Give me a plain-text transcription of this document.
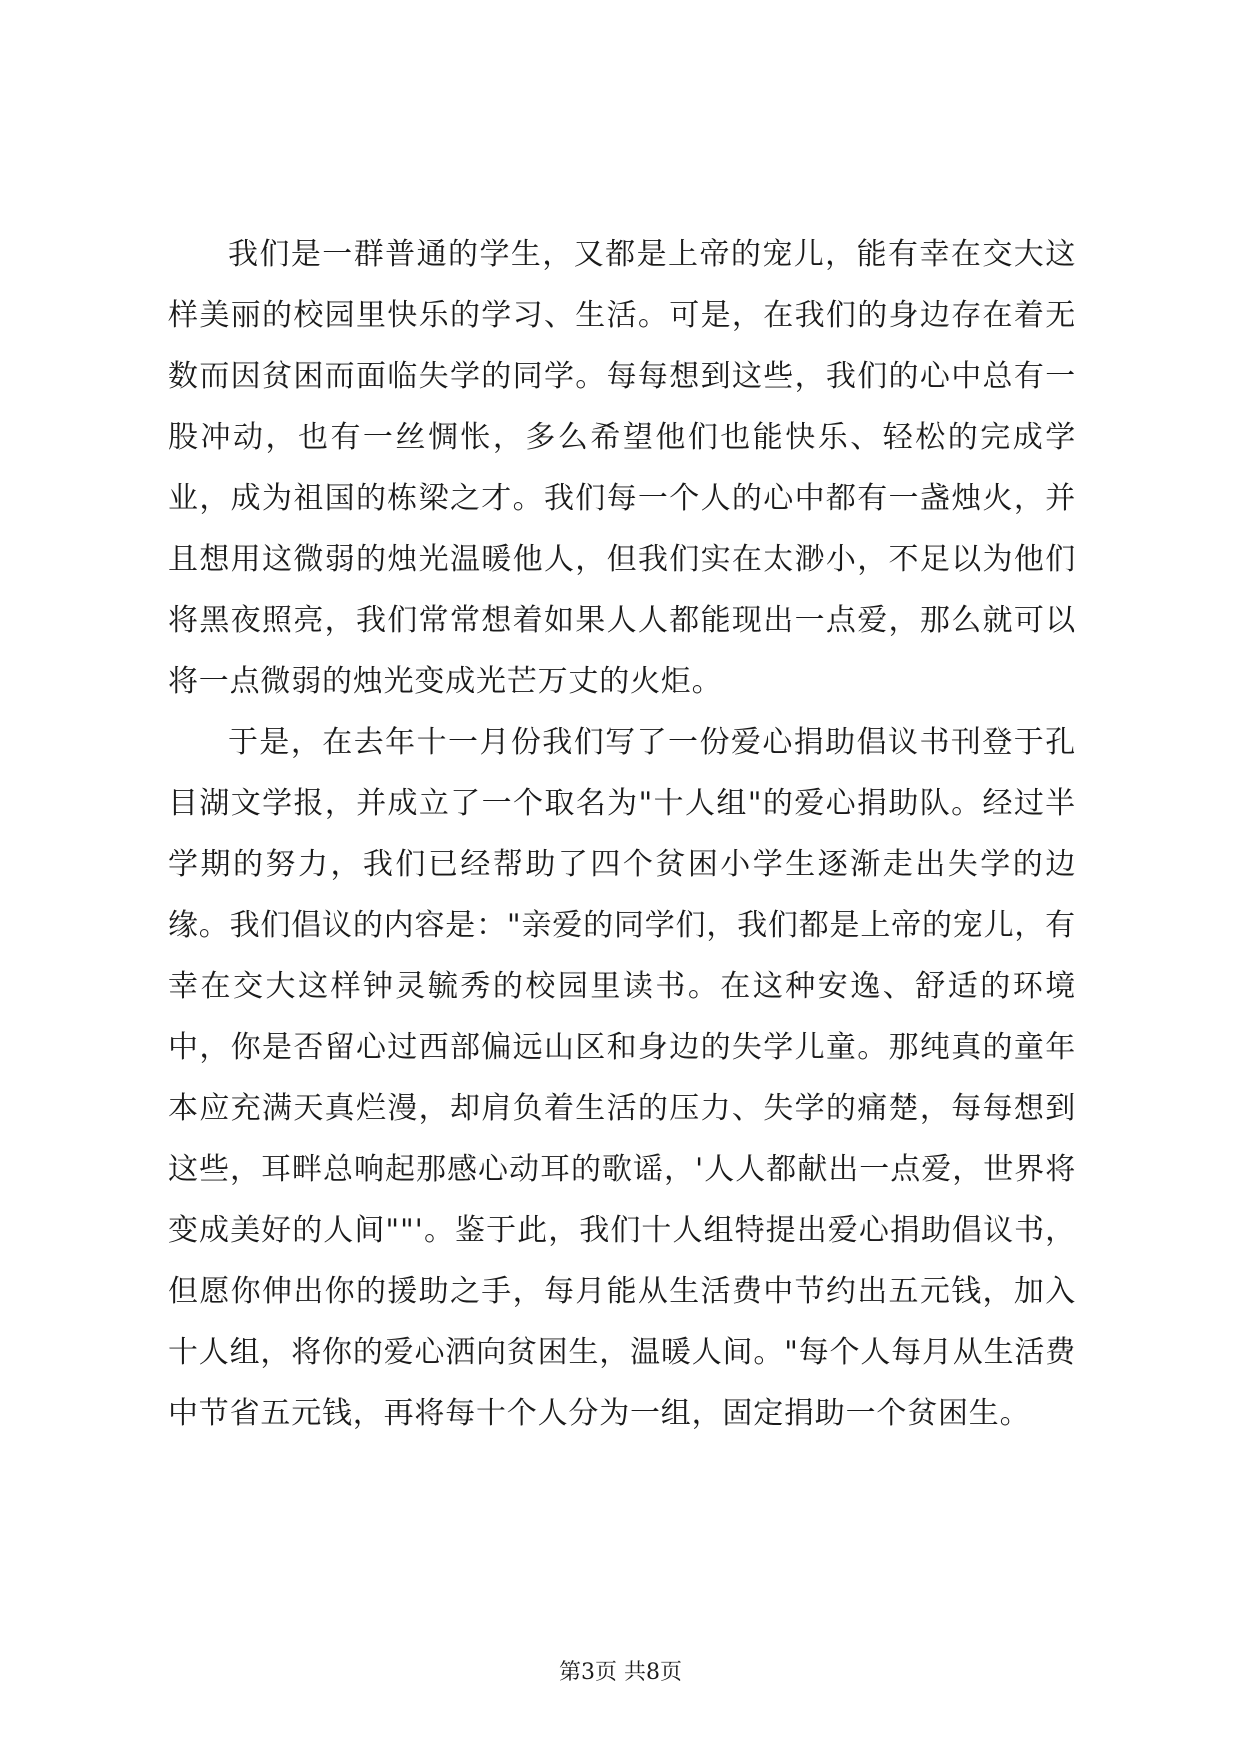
我们是一群普通的学生，又都是上帝的宠儿，能有幸在交大这样美丽的校园里快乐的学习、生活。可是，在我们的身边存在着无数而因贫困而面临失学的同学。每每想到这些，我们的心中总有一股冲动，也有一丝惆怅，多么希望他们也能快乐、轻松的完成学业，成为祖国的栋梁之才。我们每一个人的心中都有一盏烛火，并且想用这微弱的烛光温暖他人，但我们实在太渺小，不足以为他们将黑夜照亮，我们常常想着如果人人都能现出一点爱，那么就可以将一点微弱的烛光变成光芒万丈的火炬。

于是，在去年十一月份我们写了一份爱心捐助倡议书刊登于孔目湖文学报，并成立了一个取名为"十人组"的爱心捐助队。经过半学期的努力，我们已经帮助了四个贫困小学生逐渐走出失学的边缘。我们倡议的内容是："亲爱的同学们，我们都是上帝的宠儿，有幸在交大这样钟灵毓秀的校园里读书。在这种安逸、舒适的环境中，你是否留心过西部偏远山区和身边的失学儿童。那纯真的童年本应充满天真烂漫，却肩负着生活的压力、失学的痛楚，每每想到这些，耳畔总响起那感心动耳的歌谣，'人人都献出一点爱，世界将变成美好的人间""'。鉴于此，我们十人组特提出爱心捐助倡议书，但愿你伸出你的援助之手，每月能从生活费中节约出五元钱，加入十人组，将你的爱心洒向贫困生，温暖人间。"每个人每月从生活费中节省五元钱，再将每十个人分为一组，固定捐助一个贫困生。

第3页 共8页
